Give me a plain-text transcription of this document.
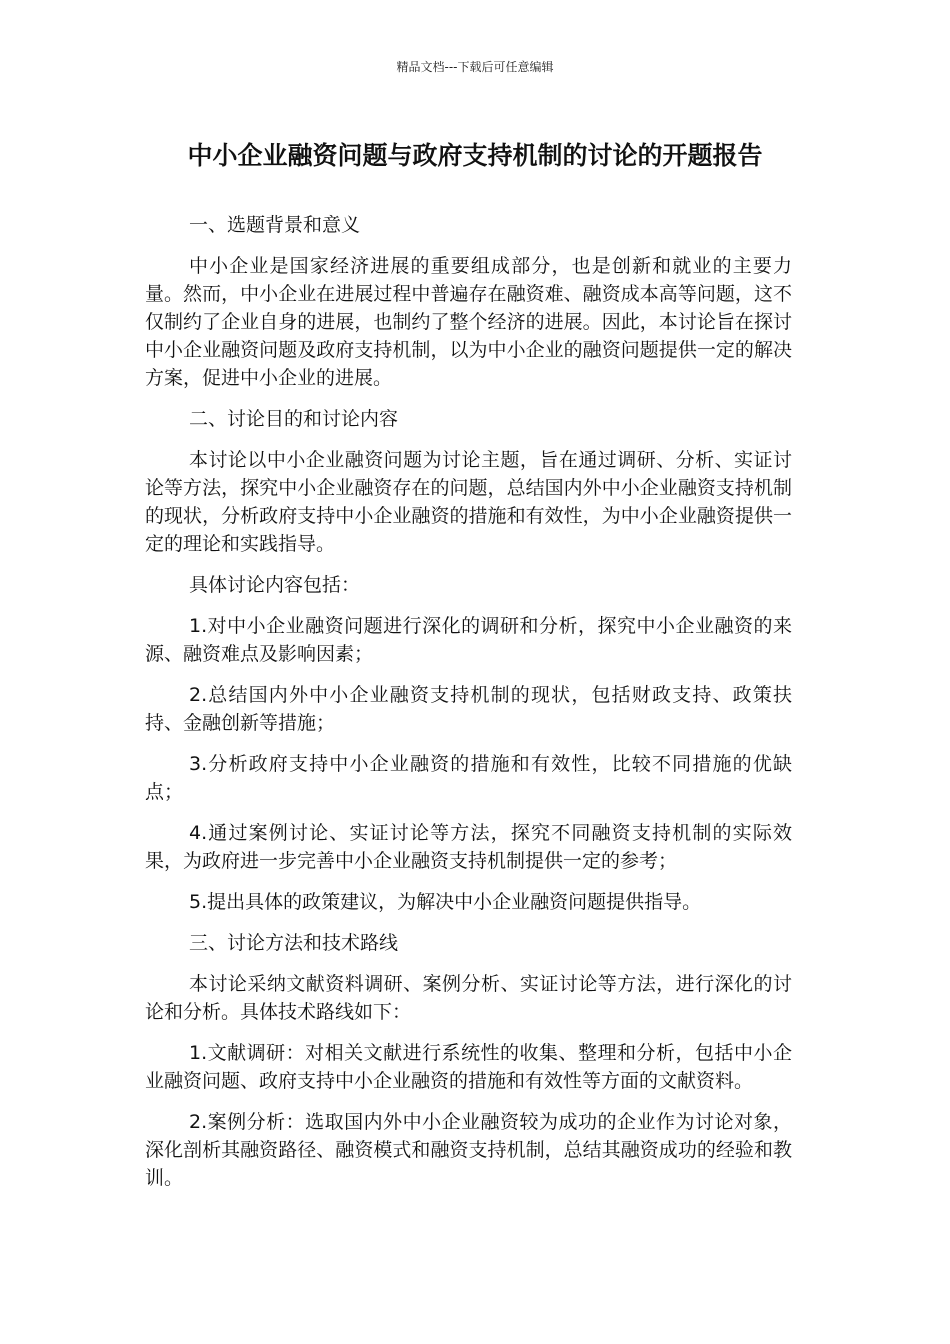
精品文档---下载后可任意编辑
中小企业融资问题与政府支持机制的讨论的开题报告

一、选题背景和意义

中小企业是国家经济进展的重要组成部分，也是创新和就业的主要力量。然而，中小企业在进展过程中普遍存在融资难、融资成本高等问题，这不仅制约了企业自身的进展，也制约了整个经济的进展。因此，本讨论旨在探讨中小企业融资问题及政府支持机制，以为中小企业的融资问题提供一定的解决方案，促进中小企业的进展。

二、讨论目的和讨论内容

本讨论以中小企业融资问题为讨论主题，旨在通过调研、分析、实证讨论等方法，探究中小企业融资存在的问题，总结国内外中小企业融资支持机制的现状，分析政府支持中小企业融资的措施和有效性，为中小企业融资提供一定的理论和实践指导。

具体讨论内容包括：

1.对中小企业融资问题进行深化的调研和分析，探究中小企业融资的来源、融资难点及影响因素；

2.总结国内外中小企业融资支持机制的现状，包括财政支持、政策扶持、金融创新等措施；

3.分析政府支持中小企业融资的措施和有效性，比较不同措施的优缺点；

4.通过案例讨论、实证讨论等方法，探究不同融资支持机制的实际效果，为政府进一步完善中小企业融资支持机制提供一定的参考；

5.提出具体的政策建议，为解决中小企业融资问题提供指导。

三、讨论方法和技术路线

本讨论采纳文献资料调研、案例分析、实证讨论等方法，进行深化的讨论和分析。具体技术路线如下：

1.文献调研：对相关文献进行系统性的收集、整理和分析，包括中小企业融资问题、政府支持中小企业融资的措施和有效性等方面的文献资料。

2.案例分析：选取国内外中小企业融资较为成功的企业作为讨论对象，深化剖析其融资路径、融资模式和融资支持机制，总结其融资成功的经验和教训。
